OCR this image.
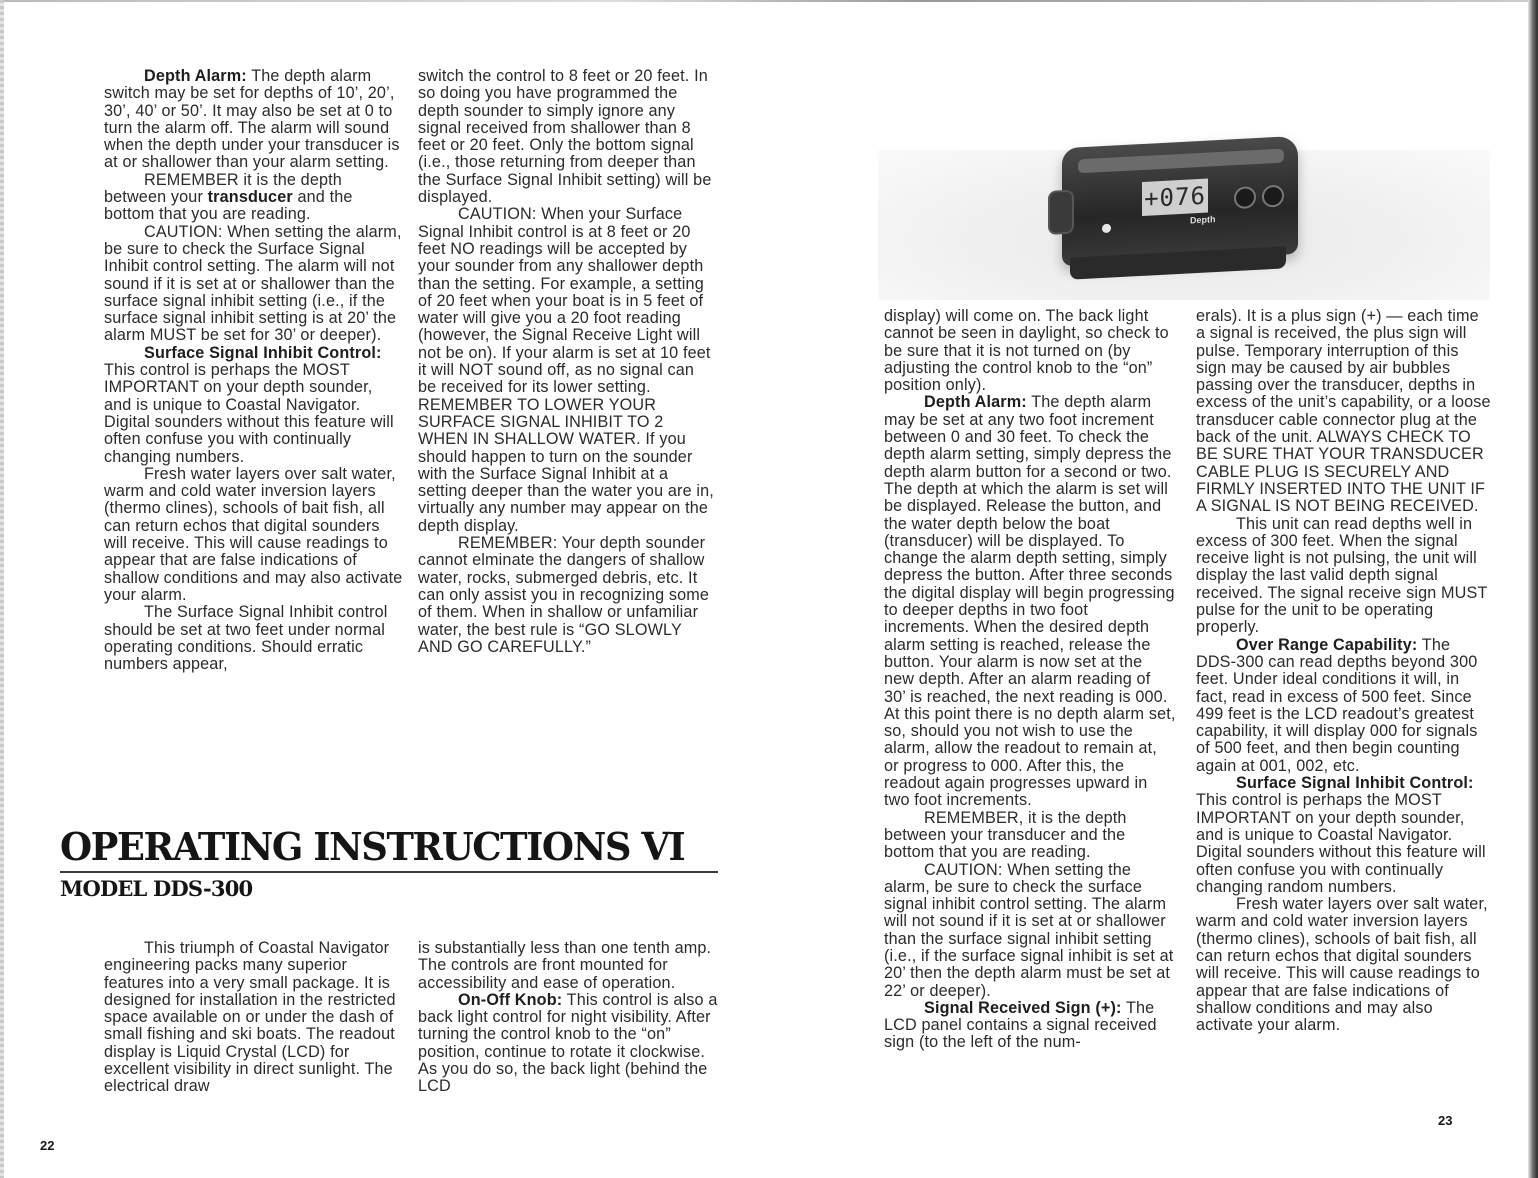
Depth Alarm: The depth alarm switch may be set for depths of 10’, 20’, 30’, 40’ or 50’. It may also be set at 0 to turn the alarm off. The alarm will sound when the depth under your transducer is at or shallower than your alarm setting.

REMEMBER it is the depth between your transducer and the bottom that you are reading.

CAUTION: When setting the alarm, be sure to check the Surface Signal Inhibit control setting. The alarm will not sound if it is set at or shallower than the surface signal inhibit setting (i.e., if the surface signal inhibit setting is at 20’ the alarm MUST be set for 30’ or deeper).

Surface Signal Inhibit Control: This control is perhaps the MOST IMPORTANT on your depth sounder, and is unique to Coastal Navigator. Digital sounders without this feature will often confuse you with continually changing numbers.

Fresh water layers over salt water, warm and cold water inversion layers (thermo clines), schools of bait fish, all can return echos that digital sounders will receive. This will cause readings to appear that are false indications of shallow conditions and may also activate your alarm.

The Surface Signal Inhibit control should be set at two feet under normal operating conditions. Should erratic numbers appear,

switch the control to 8 feet or 20 feet. In so doing you have programmed the depth sounder to simply ignore any signal received from shallower than 8 feet or 20 feet. Only the bottom signal (i.e., those returning from deeper than the Surface Signal Inhibit setting) will be displayed.

CAUTION: When your Surface Signal Inhibit control is at 8 feet or 20 feet NO readings will be accepted by your sounder from any shallower depth than the setting. For example, a setting of 20 feet when your boat is in 5 feet of water will give you a 20 foot reading (however, the Signal Receive Light will not be on). If your alarm is set at 10 feet it will NOT sound off, as no signal can be received for its lower setting. REMEMBER TO LOWER YOUR SURFACE SIGNAL INHIBIT TO 2 WHEN IN SHALLOW WATER. If you should happen to turn on the sounder with the Surface Signal Inhibit at a setting deeper than the water you are in, virtually any number may appear on the depth display.

REMEMBER: Your depth sounder cannot elminate the dangers of shallow water, rocks, submerged debris, etc. It can only assist you in recognizing some of them. When in shallow or unfamiliar water, the best rule is “GO SLOWLY AND GO CAREFULLY.”

OPERATING INSTRUCTIONS VI
MODEL DDS-300

This triumph of Coastal Navigator engineering packs many superior features into a very small package. It is designed for installation in the restricted space available on or under the dash of small fishing and ski boats. The readout display is Liquid Crystal (LCD) for excellent visibility in direct sunlight. The electrical draw

is substantially less than one tenth amp. The controls are front mounted for accessibility and ease of operation.

On-Off Knob: This control is also a back light control for night visibility. After turning the control knob to the “on” position, continue to rotate it clockwise. As you do so, the back light (behind the LCD

22
+076
Depth

display) will come on. The back light cannot be seen in daylight, so check to be sure that it is not turned on (by adjusting the control knob to the “on” position only).

Depth Alarm: The depth alarm may be set at any two foot increment between 0 and 30 feet. To check the depth alarm setting, simply depress the depth alarm button for a second or two. The depth at which the alarm is set will be displayed. Release the button, and the water depth below the boat (transducer) will be displayed. To change the alarm depth setting, simply depress the button. After three seconds the digital display will begin progressing to deeper depths in two foot increments. When the desired depth alarm setting is reached, release the button. Your alarm is now set at the new depth. After an alarm reading of 30’ is reached, the next reading is 000. At this point there is no depth alarm set, so, should you not wish to use the alarm, allow the readout to remain at, or progress to 000. After this, the readout again progresses upward in two foot increments.

REMEMBER, it is the depth between your transducer and the bottom that you are reading.

CAUTION: When setting the alarm, be sure to check the surface signal inhibit control setting. The alarm will not sound if it is set at or shallower than the surface signal inhibit setting (i.e., if the surface signal inhibit is set at 20’ then the depth alarm must be set at 22’ or deeper).

Signal Received Sign (+): The LCD panel contains a signal received sign (to the left of the num-

erals). It is a plus sign (+) — each time a signal is received, the plus sign will pulse. Temporary interruption of this sign may be caused by air bubbles passing over the transducer, depths in excess of the unit’s capability, or a loose transducer cable connector plug at the back of the unit. ALWAYS CHECK TO BE SURE THAT YOUR TRANSDUCER CABLE PLUG IS SECURELY AND FIRMLY INSERTED INTO THE UNIT IF A SIGNAL IS NOT BEING RECEIVED.

This unit can read depths well in excess of 300 feet. When the signal receive light is not pulsing, the unit will display the last valid depth signal received. The signal receive sign MUST pulse for the unit to be operating properly.

Over Range Capability: The DDS-300 can read depths beyond 300 feet. Under ideal conditions it will, in fact, read in excess of 500 feet. Since 499 feet is the LCD readout’s greatest capability, it will display 000 for signals of 500 feet, and then begin counting again at 001, 002, etc.

Surface Signal Inhibit Control: This control is perhaps the MOST IMPORTANT on your depth sounder, and is unique to Coastal Navigator. Digital sounders without this feature will often confuse you with continually changing random numbers.

Fresh water layers over salt water, warm and cold water inversion layers (thermo clines), schools of bait fish, all can return echos that digital sounders will receive. This will cause readings to appear that are false indications of shallow conditions and may also activate your alarm.

23
